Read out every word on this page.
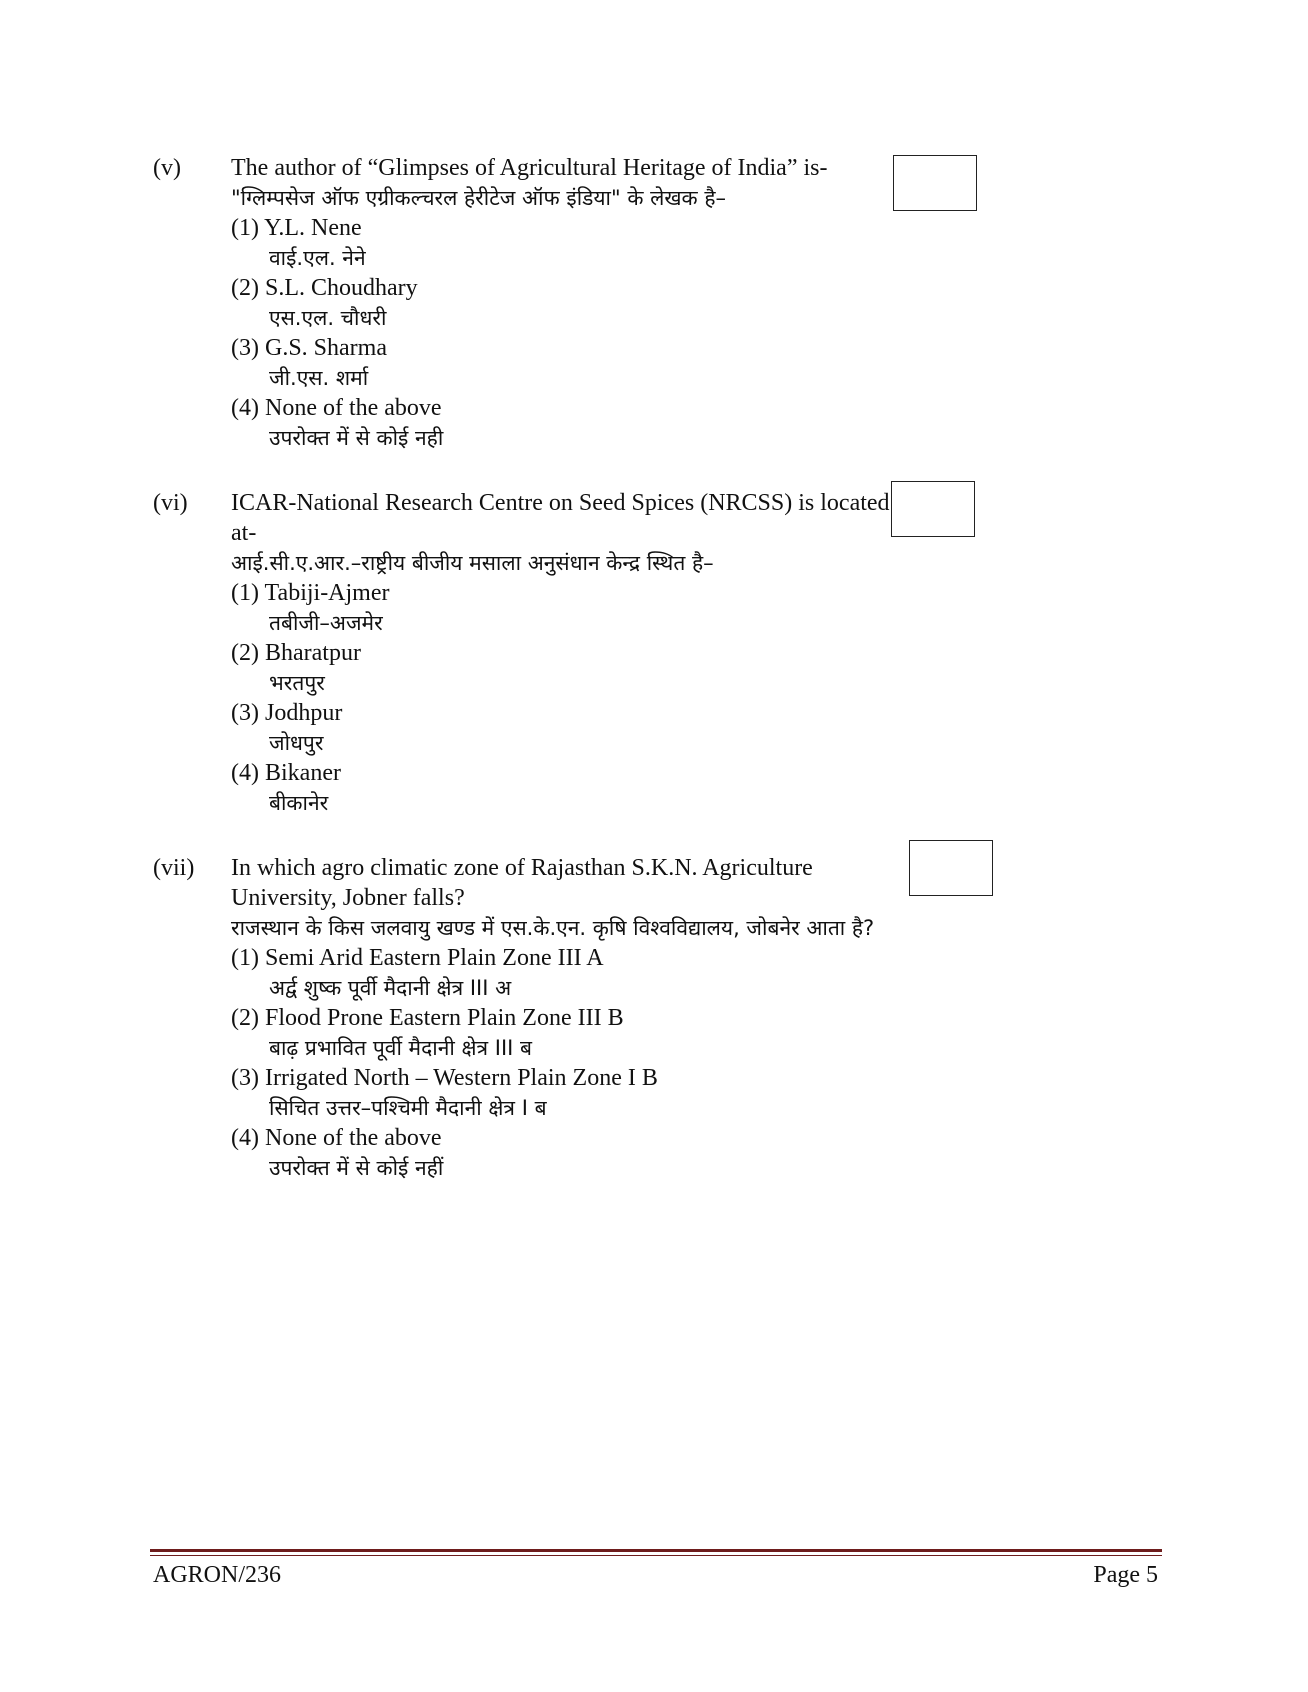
(v) The author of “Glimpses of Agricultural Heritage of India” is-
"ग्लिम्पसेज ऑफ एग्रीकल्चरल हेरीटेज ऑफ इंडिया" के लेखक है–
(1) Y.L. Nene
वाई.एल. नेने
(2) S.L. Choudhary
एस.एल. चौधरी
(3) G.S. Sharma
जी.एस. शर्मा
(4) None of the above
उपरोक्त में से कोई नही
(vi) ICAR-National Research Centre on Seed Spices (NRCSS) is located at-
आई.सी.ए.आर.–राष्ट्रीय बीजीय मसाला अनुसंधान केन्द्र स्थित है–
(1) Tabiji-Ajmer
तबीजी–अजमेर
(2) Bharatpur
भरतपुर
(3) Jodhpur
जोधपुर
(4) Bikaner
बीकानेर
(vii) In which agro climatic zone of Rajasthan S.K.N. Agriculture University, Jobner falls?
राजस्थान के किस जलवायु खण्ड में एस.के.एन. कृषि विश्वविद्यालय, जोबनेर आता है?
(1) Semi Arid Eastern Plain Zone III A
अर्द्व शुष्क पूर्वी मैदानी क्षेत्र III अ
(2) Flood Prone Eastern Plain Zone III B
बाढ़ प्रभावित पूर्वी मैदानी क्षेत्र III ब
(3) Irrigated North – Western Plain Zone I B
सिचित उत्तर–पश्चिमी मैदानी क्षेत्र I ब
(4) None of the above
उपरोक्त में से कोई नहीं
AGRON/236	Page 5
